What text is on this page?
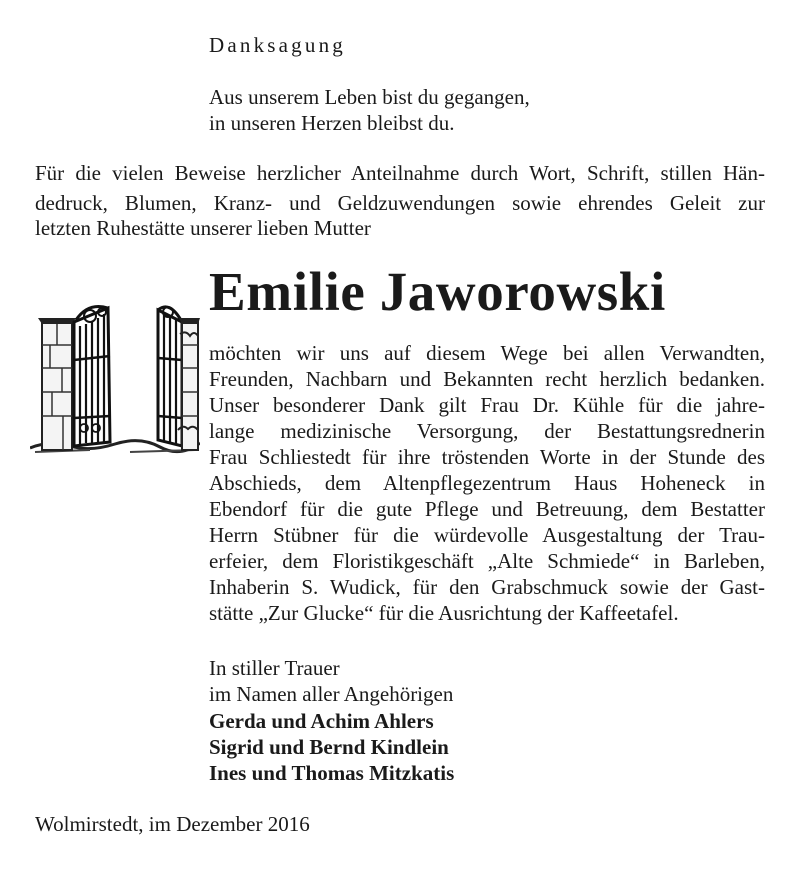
Danksagung
Aus unserem Leben bist du gegangen,
in unseren Herzen bleibst du.
Für die vielen Beweise herzlicher Anteilnahme durch Wort, Schrift, stillen Hän-
dedruck, Blumen, Kranz- und Geldzuwendungen sowie ehrendes Geleit zur
letzten Ruhestätte unserer lieben Mutter
Emilie Jaworowski
möchten wir uns auf diesem Wege bei allen Verwandten,
Freunden, Nachbarn und Bekannten recht herzlich bedanken.
Unser besonderer Dank gilt Frau Dr. Kühle für die jahre-
lange medizinische Versorgung, der Bestattungsrednerin
Frau Schliestedt für ihre tröstenden Worte in der Stunde des
Abschieds, dem Altenpflegezentrum Haus Hoheneck in
Ebendorf für die gute Pflege und Betreuung, dem Bestatter
Herrn Stübner für die würdevolle Ausgestaltung der Trau-
erfeier, dem Floristikgeschäft „Alte Schmiede“ in Barleben,
Inhaberin S. Wudick, für den Grabschmuck sowie der Gast-
stätte „Zur Glucke“ für die Ausrichtung der Kaffeetafel.
In stiller Trauer
im Namen aller Angehörigen
Gerda und Achim Ahlers
Sigrid und Bernd Kindlein
Ines und Thomas Mitzkatis
Wolmirstedt, im Dezember 2016
